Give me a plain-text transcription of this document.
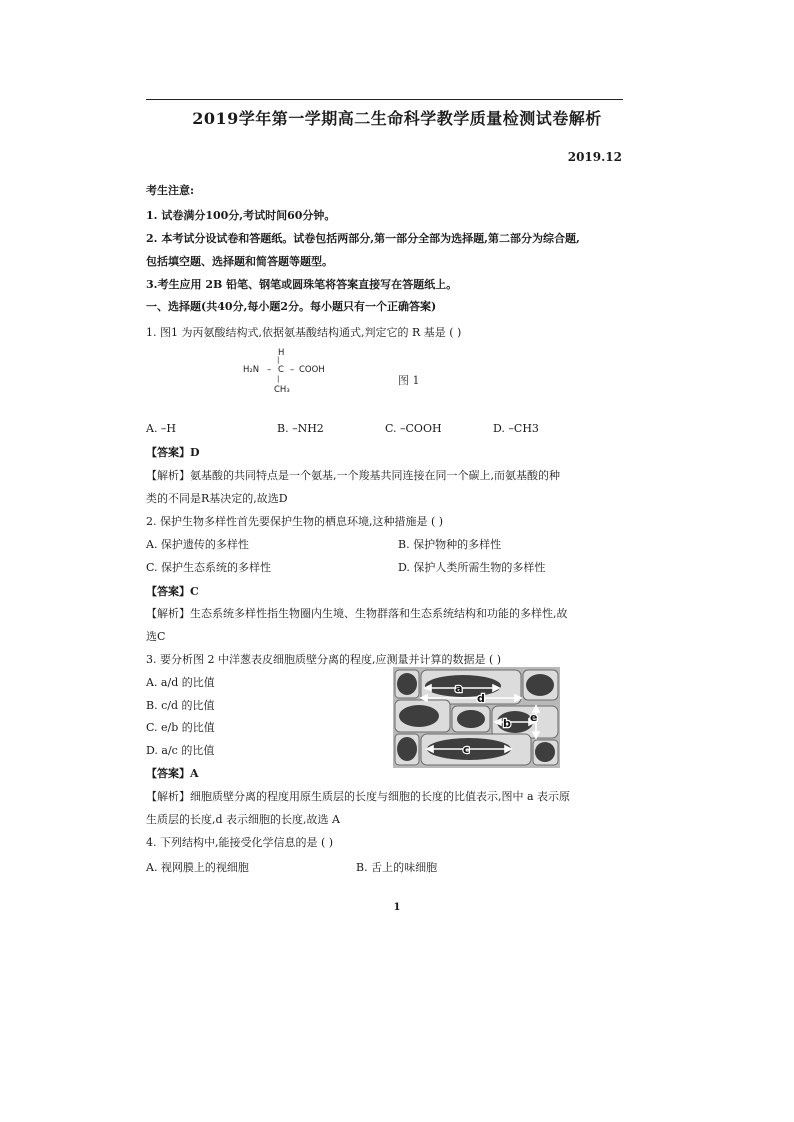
2019学年第一学期高二生命科学教学质量检测试卷解析
2019.12
考生注意:
1. 试卷满分100分,考试时间60分钟。
2. 本考试分设试卷和答题纸。试卷包括两部分,第一部分全部为选择题,第二部分为综合题,
包括填空题、选择题和简答题等题型。
3.考生应用 2B 铅笔、钢笔或圆珠笔将答案直接写在答题纸上。
一、选择题(共40分,每小题2分。每小题只有一个正确答案)
1. 图1 为丙氨酸结构式,依据氨基酸结构通式,判定它的 R 基是 ( )
H
|
H₂N – C – COOH
|
CH₃
图 1
A. –H	B. –NH2	C. –COOH	D. –CH3
【答案】D
【解析】氨基酸的共同特点是一个氨基,一个羧基共同连接在同一个碳上,而氨基酸的种
类的不同是R基决定的,故选D
2. 保护生物多样性首先要保护生物的栖息环境,这种措施是 ( )
A. 保护遗传的多样性	B. 保护物种的多样性
C. 保护生态系统的多样性	D. 保护人类所需生物的多样性
【答案】C
【解析】生态系统多样性指生物圈内生境、生物群落和生态系统结构和功能的多样性,故
选C
3. 要分析图 2 中洋葱表皮细胞质壁分离的程度,应测量并计算的数据是 ( )
A. a/d 的比值
B. c/d 的比值
C. e/b 的比值
D. a/c 的比值
a
d
b e
c
【答案】A
【解析】细胞质壁分离的程度用原生质层的长度与细胞的长度的比值表示,图中 a 表示原
生质层的长度,d 表示细胞的长度,故选 A
4. 下列结构中,能接受化学信息的是 ( )
A. 视网膜上的视细胞	B. 舌上的味细胞
1
